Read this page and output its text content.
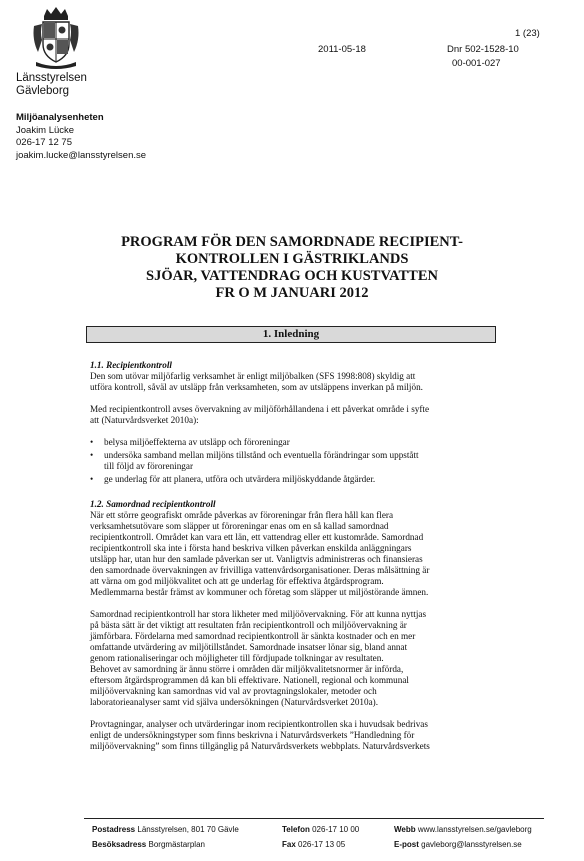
Länsstyrelsen
Gävleborg
1 (23)
2011-05-18	Dnr 502-1528-10
00-001-027
Miljöanalysenheten
Joakim Lücke
026-17 12 75
joakim.lucke@lansstyrelsen.se
PROGRAM FÖR DEN SAMORDNADE RECIPIENT-
KONTROLLEN I GÄSTRIKLANDS
SJÖAR, VATTENDRAG OCH KUSTVATTEN
FR O M JANUARI 2012
1. Inledning

1.1. Recipientkontroll

Den som utövar miljöfarlig verksamhet är enligt miljöbalken (SFS 1998:808) skyldig att
utföra kontroll, såväl av utsläpp från verksamheten, som av utsläppens inverkan på miljön.

Med recipientkontroll avses övervakning av miljöförhållandena i ett påverkat område i syfte
att (Naturvårdsverket 2010a):

• belysa miljöeffekterna av utsläpp och föroreningar
• undersöka samband mellan miljöns tillstånd och eventuella förändringar som uppstått
till följd av föroreningar
• ge underlag för att planera, utföra och utvärdera miljöskyddande åtgärder.

1.2. Samordnad recipientkontroll

När ett större geografiskt område påverkas av föroreningar från flera håll kan flera
verksamhetsutövare som släpper ut föroreningar enas om en så kallad samordnad
recipientkontroll. Området kan vara ett län, ett vattendrag eller ett kustområde. Samordnad
recipientkontroll ska inte i första hand beskriva vilken påverkan enskilda anläggningars
utsläpp har, utan hur den samlade påverkan ser ut. Vanligtvis administreras och finansieras
den samordnade övervakningen av frivilliga vattenvårdsorganisationer. Deras målsättning är
att värna om god miljökvalitet och att ge underlag för effektiva åtgärdsprogram.
Medlemmarna består främst av kommuner och företag som släpper ut miljöstörande ämnen.

Samordnad recipientkontroll har stora likheter med miljöövervakning. För att kunna nyttjas
på bästa sätt är det viktigt att resultaten från recipientkontroll och miljöövervakning är
jämförbara. Fördelarna med samordnad recipientkontroll är sänkta kostnader och en mer
omfattande utvärdering av miljötillståndet. Samordnade insatser lönar sig, bland annat
genom rationaliseringar och möjligheter till fördjupade tolkningar av resultaten.
Behovet av samordning är ännu större i områden där miljökvalitetsnormer är införda,
eftersom åtgärdsprogrammen då kan bli effektivare. Nationell, regional och kommunal
miljöövervakning kan samordnas vid val av provtagningslokaler, metoder och
laboratorieanalyser samt vid själva undersökningen (Naturvårdsverket 2010a).

Provtagningar, analyser och utvärderingar inom recipientkontrollen ska i huvudsak bedrivas
enligt de undersökningstyper som finns beskrivna i Naturvårdsverkets ”Handledning för
miljöövervakning” som finns tillgänglig på Naturvårdsverkets webbplats. Naturvårdsverkets

Postadress Länsstyrelsen, 801 70 Gävle
Besöksadress Borgmästarplan
Telefon 026-17 10 00
Fax 026-17 13 05
Webb www.lansstyrelsen.se/gavleborg
E-post gavleborg@lansstyrelsen.se
